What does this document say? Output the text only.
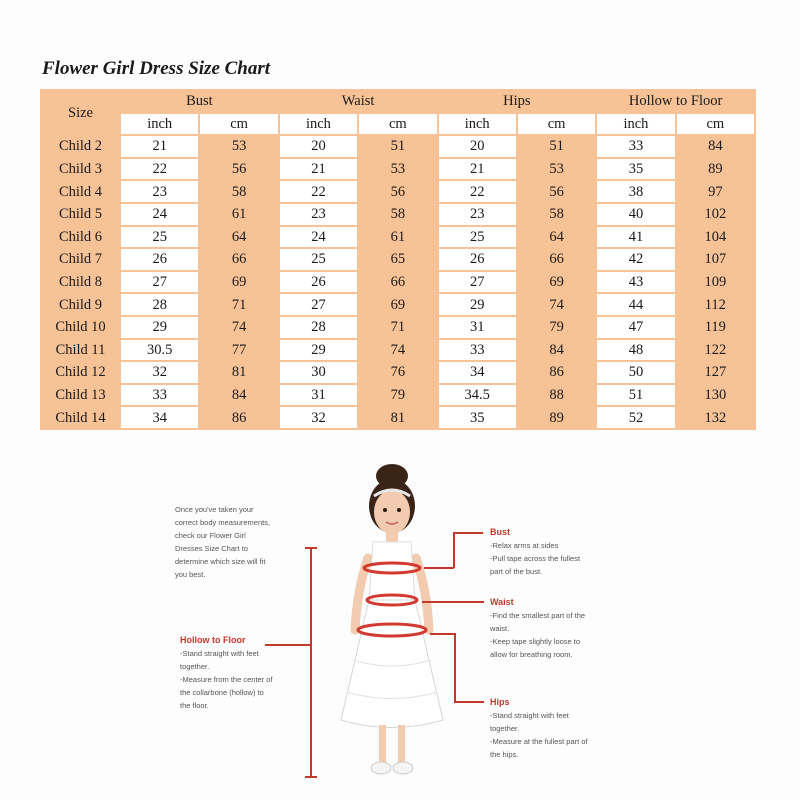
Flower Girl Dress Size Chart
Size	Bust		Waist		Hips		Hollow to Floor	
	inch	cm	inch	cm	inch	cm	inch	cm
Child 2	21	53	20	51	20	51	33	84
Child 3	22	56	21	53	21	53	35	89
Child 4	23	58	22	56	22	56	38	97
Child 5	24	61	23	58	23	58	40	102
Child 6	25	64	24	61	25	64	41	104
Child 7	26	66	25	65	26	66	42	107
Child 8	27	69	26	66	27	69	43	109
Child 9	28	71	27	69	29	74	44	112
Child 10	29	74	28	71	31	79	47	119
Child 11	30.5	77	29	74	33	84	48	122
Child 12	32	81	30	76	34	86	50	127
Child 13	33	84	31	79	34.5	88	51	130
Child 14	34	86	32	81	35	89	52	132
Once you've taken your
correct body measurements,
check our Flower Girl
Dresses Size Chart to
determine which size will fit
you best.
Hollow to Floor
-Stand straight with feet
together.
-Measure from the center of
the collarbone (hollow) to
the floor.
Bust
-Relax arms at sides
-Pull tape across the fullest
part of the bust.
Waist
-Find the smallest part of the
waist.
-Keep tape slightly loose to
allow for breathing room.
Hips
-Stand straight with feet
together.
-Measure at the fullest part of
the hips.
